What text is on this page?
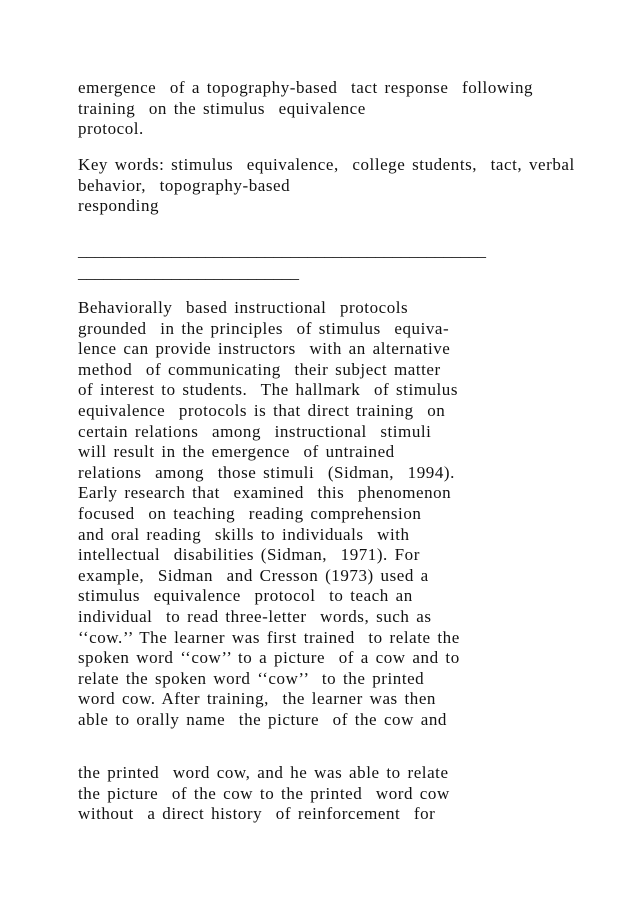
emergence  of a topography-based  tact response  following
training  on the stimulus  equivalence
protocol.
Key words: stimulus  equivalence,  college students,  tact, verbal
behavior,  topography-based
responding
________________________________________________
__________________________
Behaviorally  based instructional  protocols
grounded  in the principles  of stimulus  equiva-
lence can provide instructors  with an alternative
method  of communicating  their subject matter
of interest to students.  The hallmark  of stimulus
equivalence  protocols is that direct training  on
certain relations  among  instructional  stimuli
will result in the emergence  of untrained
relations  among  those stimuli  (Sidman,  1994).
Early research that  examined  this  phenomenon
focused  on teaching  reading comprehension
and oral reading  skills to individuals  with
intellectual  disabilities (Sidman,  1971). For
example,  Sidman  and Cresson (1973) used a
stimulus  equivalence  protocol  to teach an
individual  to read three-letter  words, such as
‘‘cow.’’ The learner was first trained  to relate the
spoken word ‘‘cow’’ to a picture  of a cow and to
relate the spoken word ‘‘cow’’  to the printed
word cow. After training,  the learner was then
able to orally name  the picture  of the cow and
the printed  word cow, and he was able to relate
the picture  of the cow to the printed  word cow
without  a direct history  of reinforcement  for
